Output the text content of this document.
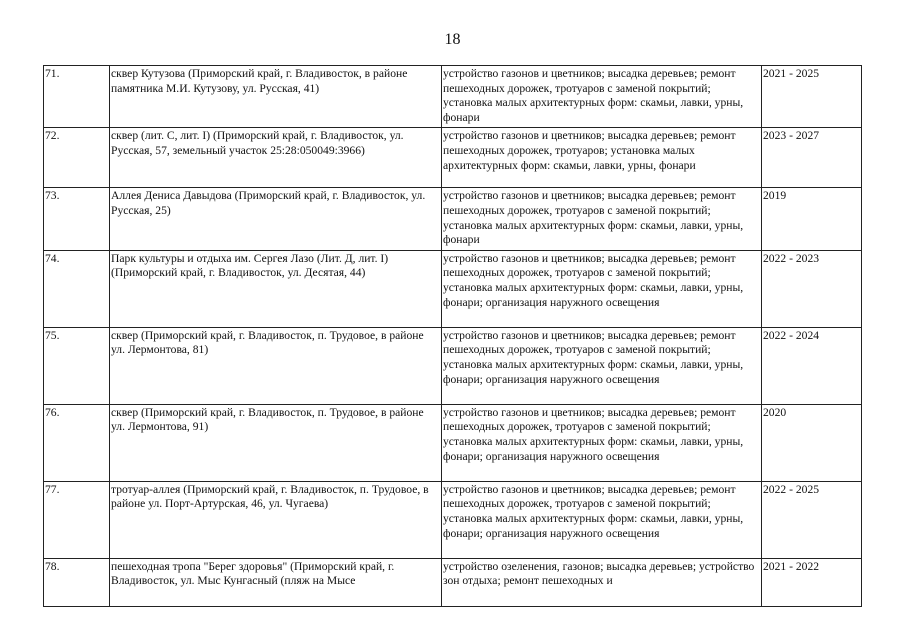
18
71.	сквер Кутузова (Приморский край, г. Владивосток, в районе памятника М.И. Кутузову, ул. Русская, 41)	устройство газонов и цветников; высадка деревьев; ремонт пешеходных дорожек, тротуаров с заменой покрытий; установка малых архитектурных форм: скамьи, лавки, урны, фонари	2021 - 2025
72.	сквер (лит. С, лит. I) (Приморский край, г. Владивосток, ул. Русская, 57, земельный участок 25:28:050049:3966)	устройство газонов и цветников; высадка деревьев; ремонт пешеходных дорожек, тротуаров; установка малых архитектурных форм: скамьи, лавки, урны, фонари	2023 - 2027
73.	Аллея Дениса Давыдова (Приморский край, г. Владивосток, ул. Русская, 25)	устройство газонов и цветников; высадка деревьев; ремонт пешеходных дорожек, тротуаров с заменой покрытий; установка малых архитектурных форм: скамьи, лавки, урны, фонари	2019
74.	Парк культуры и отдыха им. Сергея Лазо (Лит. Д, лит. I) (Приморский край, г. Владивосток, ул. Десятая, 44)	устройство газонов и цветников; высадка деревьев; ремонт пешеходных дорожек, тротуаров с заменой покрытий; установка малых архитектурных форм: скамьи, лавки, урны, фонари; организация наружного освещения	2022 - 2023
75.	сквер (Приморский край, г. Владивосток, п. Трудовое, в районе ул. Лермонтова, 81)	устройство газонов и цветников; высадка деревьев; ремонт пешеходных дорожек, тротуаров с заменой покрытий; установка малых архитектурных форм: скамьи, лавки, урны, фонари; организация наружного освещения	2022 - 2024
76.	сквер (Приморский край, г. Владивосток, п. Трудовое, в районе ул. Лермонтова, 91)	устройство газонов и цветников; высадка деревьев; ремонт пешеходных дорожек, тротуаров с заменой покрытий; установка малых архитектурных форм: скамьи, лавки, урны, фонари; организация наружного освещения	2020
77.	тротуар-аллея (Приморский край, г. Владивосток, п. Трудовое, в районе ул. Порт-Артурская, 46, ул. Чугаева)	устройство газонов и цветников; высадка деревьев; ремонт пешеходных дорожек, тротуаров с заменой покрытий; установка малых архитектурных форм: скамьи, лавки, урны, фонари; организация наружного освещения	2022 - 2025
78.	пешеходная тропа "Берег здоровья" (Приморский край, г. Владивосток, ул. Мыс Кунгасный (пляж на Мысе	устройство озеленения, газонов; высадка деревьев; устройство зон отдыха; ремонт пешеходных и	2021 - 2022
